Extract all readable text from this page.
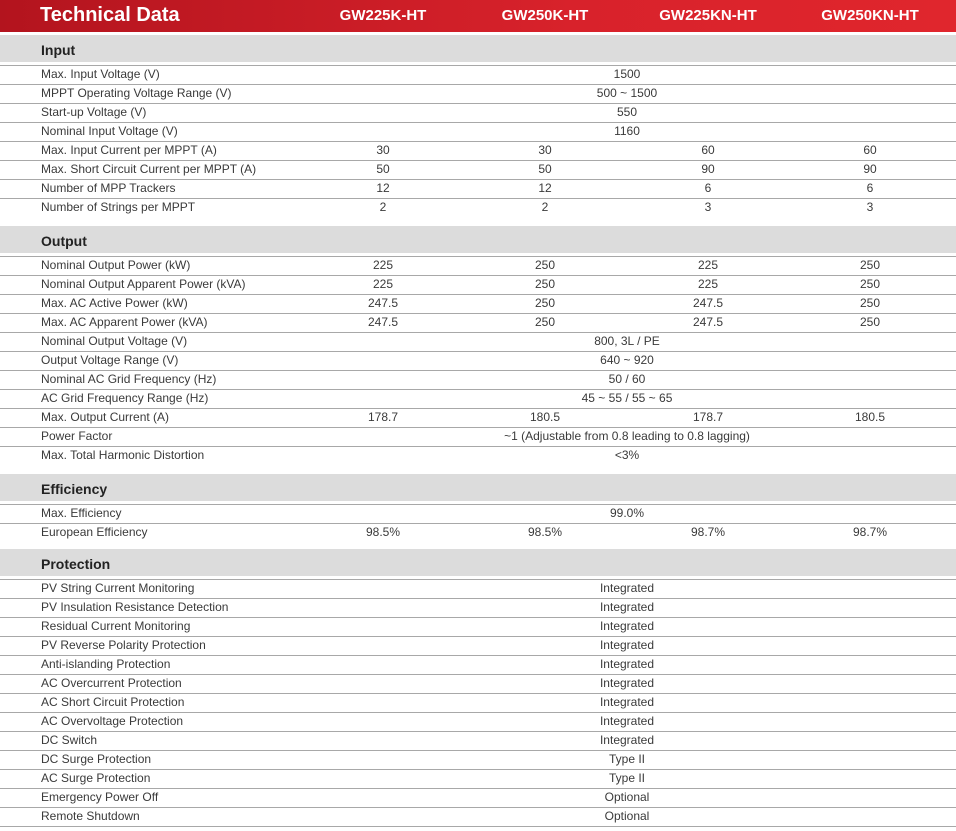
Technical Data	GW225K-HT	GW250K-HT	GW225KN-HT	GW250KN-HT
Input
Max. Input Voltage (V)	1500
MPPT Operating Voltage Range (V)	500 ~ 1500
Start-up Voltage (V)	550
Nominal Input Voltage (V)	1160
Max. Input Current per MPPT (A)	30	30	60	60
Max. Short Circuit Current per MPPT (A)	50	50	90	90
Number of MPP Trackers	12	12	6	6
Number of Strings per MPPT	2	2	3	3
Output
Nominal Output Power (kW)	225	250	225	250
Nominal Output Apparent Power (kVA)	225	250	225	250
Max. AC Active Power (kW)	247.5	250	247.5	250
Max. AC Apparent Power (kVA)	247.5	250	247.5	250
Nominal Output Voltage (V)	800, 3L / PE
Output Voltage Range (V)	640 ~ 920
Nominal AC Grid Frequency (Hz)	50 / 60
AC Grid Frequency Range (Hz)	45 ~ 55 / 55 ~ 65
Max. Output Current (A)	178.7	180.5	178.7	180.5
Power Factor	~1 (Adjustable from 0.8 leading to 0.8 lagging)
Max. Total Harmonic Distortion	<3%
Efficiency
Max. Efficiency	99.0%
European Efficiency	98.5%	98.5%	98.7%	98.7%
Protection
PV String Current Monitoring	Integrated
PV Insulation Resistance Detection	Integrated
Residual Current Monitoring	Integrated
PV Reverse Polarity Protection	Integrated
Anti-islanding Protection	Integrated
AC Overcurrent Protection	Integrated
AC Short Circuit Protection	Integrated
AC Overvoltage Protection	Integrated
DC Switch	Integrated
DC Surge Protection	Type II
AC Surge Protection	Type II
Emergency Power Off	Optional
Remote Shutdown	Optional
